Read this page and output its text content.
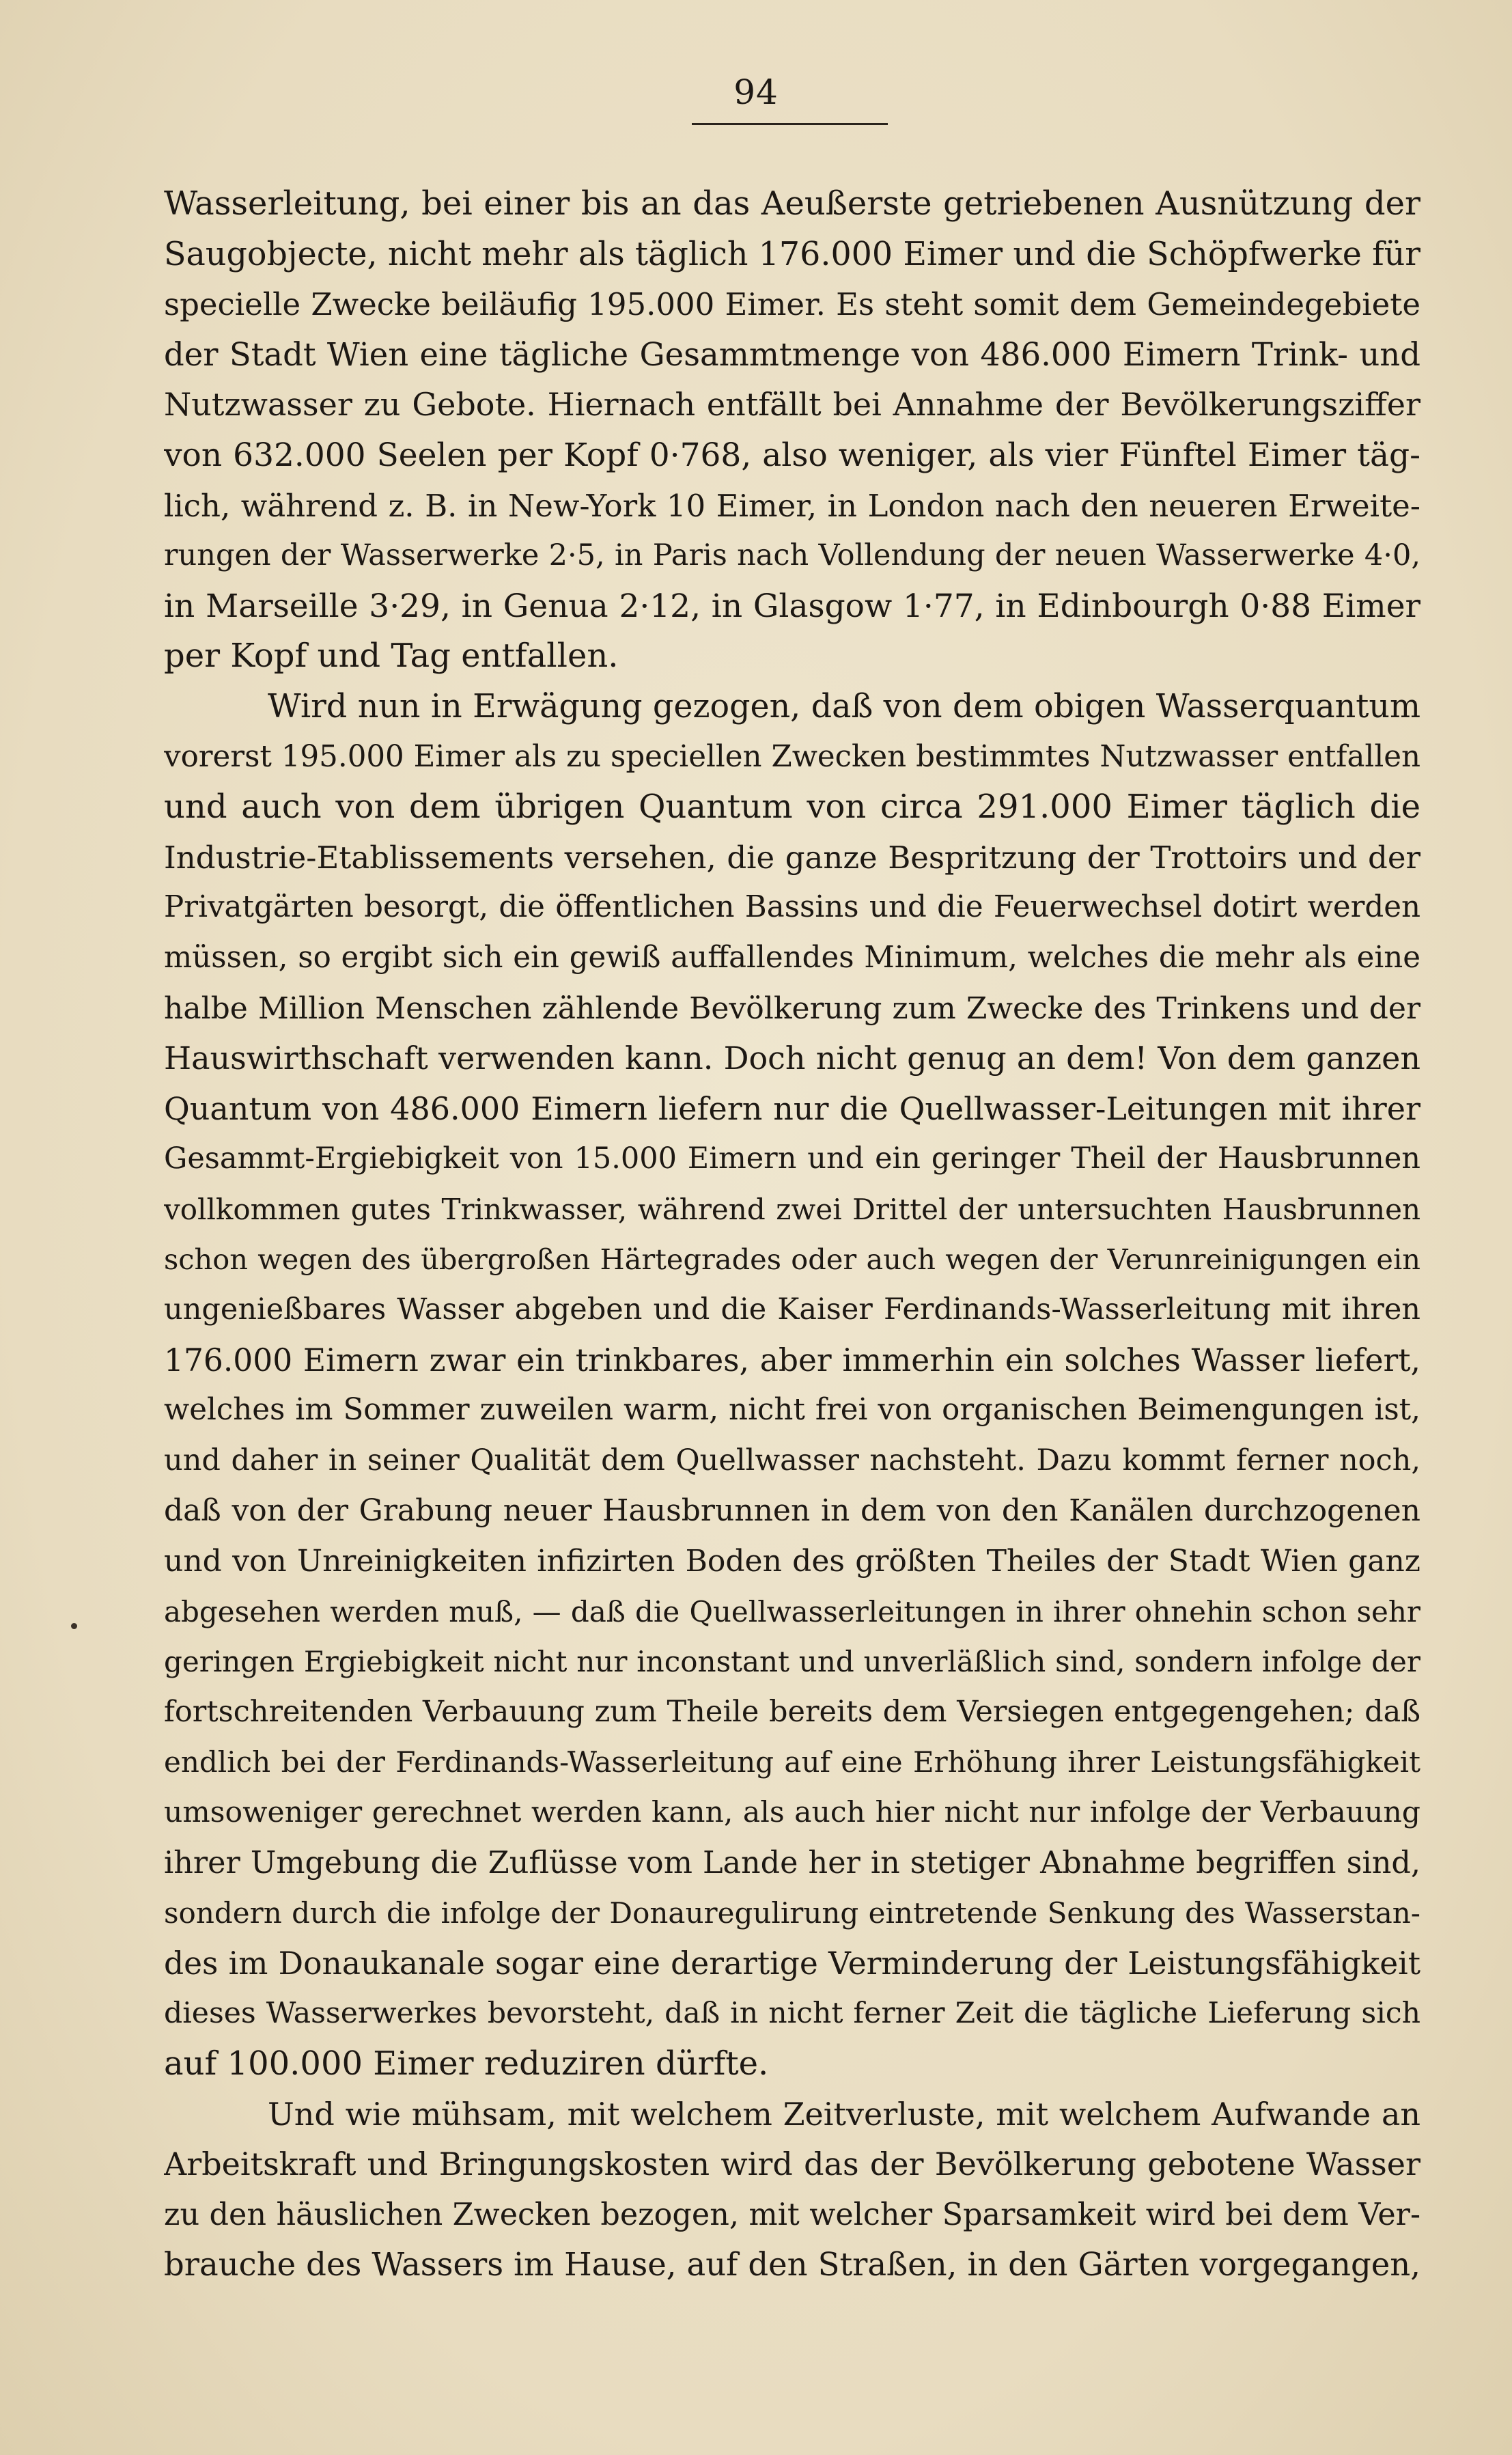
94
Wasserleitung, bei einer bis an das Aeußerste getriebenen Ausnützung der
Saugobjecte, nicht mehr als täglich 176.000 Eimer und die Schöpfwerke für
specielle Zwecke beiläufig 195.000 Eimer. Es steht somit dem Gemeindegebiete
der Stadt Wien eine tägliche Gesammtmenge von 486.000 Eimern Trink- und
Nutzwasser zu Gebote. Hiernach entfällt bei Annahme der Bevölkerungsziffer
von 632.000 Seelen per Kopf 0·768, also weniger, als vier Fünftel Eimer täg-
lich, während z. B. in New-York 10 Eimer, in London nach den neueren Erweite-
rungen der Wasserwerke 2·5, in Paris nach Vollendung der neuen Wasserwerke 4·0,
in Marseille 3·29, in Genua 2·12, in Glasgow 1·77, in Edinbourgh 0·88 Eimer
per Kopf und Tag entfallen.
Wird nun in Erwägung gezogen, daß von dem obigen Wasserquantum
vorerst 195.000 Eimer als zu speciellen Zwecken bestimmtes Nutzwasser entfallen
und auch von dem übrigen Quantum von circa 291.000 Eimer täglich die
Industrie-Etablissements versehen, die ganze Bespritzung der Trottoirs und der
Privatgärten besorgt, die öffentlichen Bassins und die Feuerwechsel dotirt werden
müssen, so ergibt sich ein gewiß auffallendes Minimum, welches die mehr als eine
halbe Million Menschen zählende Bevölkerung zum Zwecke des Trinkens und der
Hauswirthschaft verwenden kann. Doch nicht genug an dem! Von dem ganzen
Quantum von 486.000 Eimern liefern nur die Quellwasser-Leitungen mit ihrer
Gesammt-Ergiebigkeit von 15.000 Eimern und ein geringer Theil der Hausbrunnen
vollkommen gutes Trinkwasser, während zwei Drittel der untersuchten Hausbrunnen
schon wegen des übergroßen Härtegrades oder auch wegen der Verunreinigungen ein
ungenießbares Wasser abgeben und die Kaiser Ferdinands-Wasserleitung mit ihren
176.000 Eimern zwar ein trinkbares, aber immerhin ein solches Wasser liefert,
welches im Sommer zuweilen warm, nicht frei von organischen Beimengungen ist,
und daher in seiner Qualität dem Quellwasser nachsteht. Dazu kommt ferner noch,
daß von der Grabung neuer Hausbrunnen in dem von den Kanälen durchzogenen
und von Unreinigkeiten infizirten Boden des größten Theiles der Stadt Wien ganz
abgesehen werden muß, — daß die Quellwasserleitungen in ihrer ohnehin schon sehr
geringen Ergiebigkeit nicht nur inconstant und unverläßlich sind, sondern infolge der
fortschreitenden Verbauung zum Theile bereits dem Versiegen entgegengehen; daß
endlich bei der Ferdinands-Wasserleitung auf eine Erhöhung ihrer Leistungsfähigkeit
umsoweniger gerechnet werden kann, als auch hier nicht nur infolge der Verbauung
ihrer Umgebung die Zuflüsse vom Lande her in stetiger Abnahme begriffen sind,
sondern durch die infolge der Donauregulirung eintretende Senkung des Wasserstan-
des im Donaukanale sogar eine derartige Verminderung der Leistungsfähigkeit
dieses Wasserwerkes bevorsteht, daß in nicht ferner Zeit die tägliche Lieferung sich
auf 100.000 Eimer reduziren dürfte.
Und wie mühsam, mit welchem Zeitverluste, mit welchem Aufwande an
Arbeitskraft und Bringungskosten wird das der Bevölkerung gebotene Wasser
zu den häuslichen Zwecken bezogen, mit welcher Sparsamkeit wird bei dem Ver-
brauche des Wassers im Hause, auf den Straßen, in den Gärten vorgegangen,
